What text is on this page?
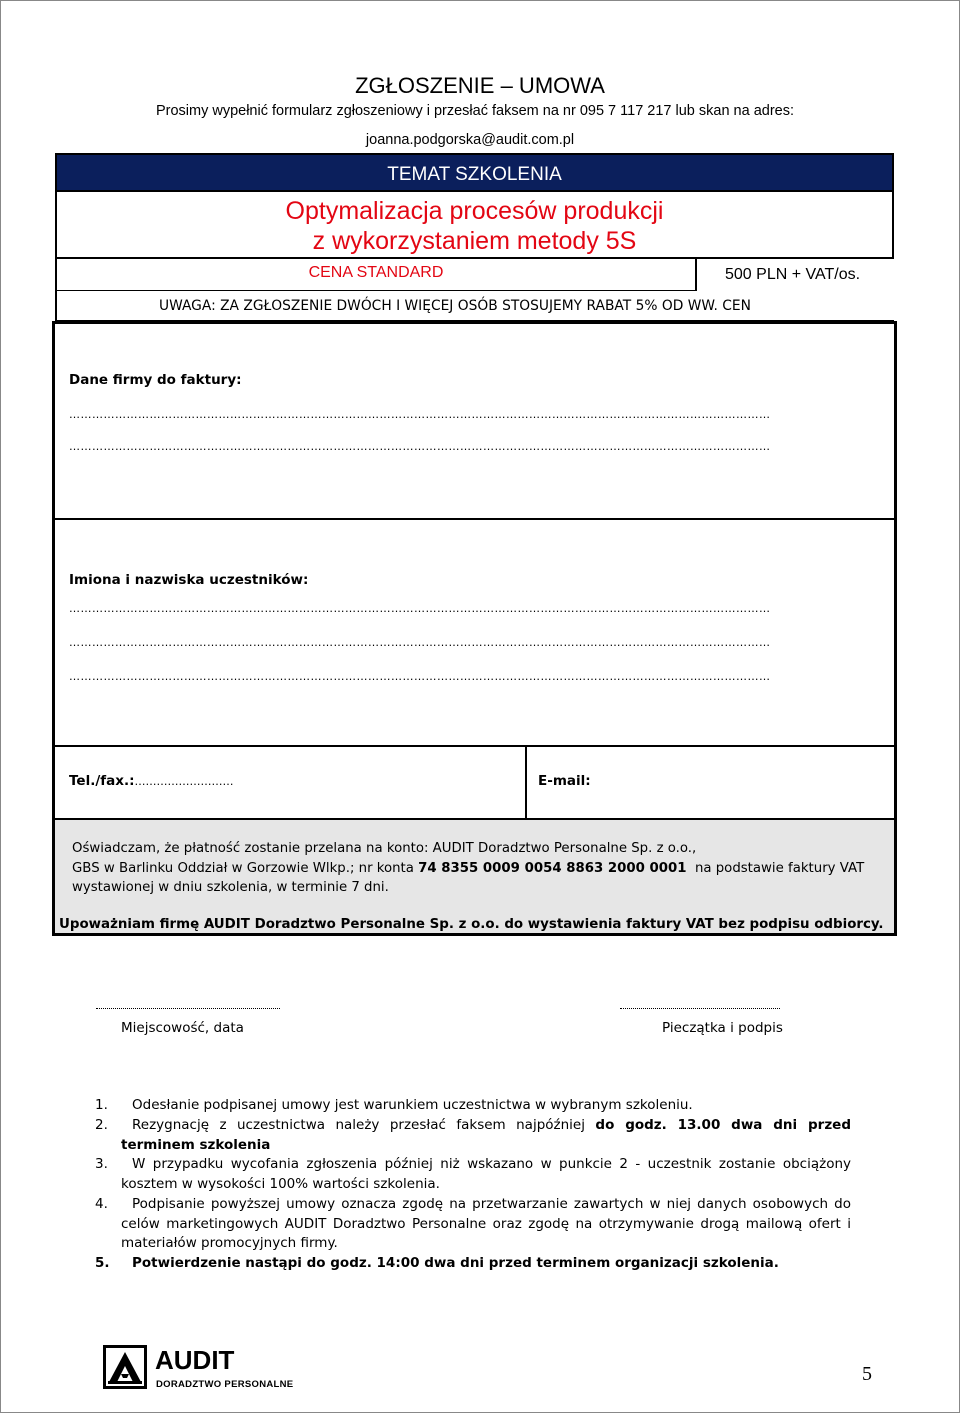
ZGŁOSZENIE – UMOWA
Prosimy wypełnić formularz zgłoszeniowy i przesłać faksem na nr 095 7 117 217 lub skan na adres:
joanna.podgorska@audit.com.pl
TEMAT SZKOLENIA
Optymalizacja procesów produkcji
z wykorzystaniem metody 5S
CENA STANDARD	500 PLN + VAT/os.
UWAGA: ZA ZGŁOSZENIE DWÓCH I WIĘCEJ OSÓB STOSUJEMY RABAT 5% OD WW. CEN
Dane firmy do faktury:
…………………………………………………………………………………………………………………………………………………………………
…………………………………………………………………………………………………………………………………………………………………
Imiona i nazwiska uczestników:
…………………………………………………………………………………………………………………………………………………………………
…………………………………………………………………………………………………………………………………………………………………
…………………………………………………………………………………………………………………………………………………………………
Tel./fax.:………………………	E-mail:
Oświadczam, że płatność zostanie przelana na konto: AUDIT Doradztwo Personalne Sp. z o.o.,
GBS w Barlinku Oddział w Gorzowie Wlkp.; nr konta 74 8355 0009 0054 8863 2000 0001  na podstawie faktury VAT
wystawionej w dniu szkolenia, w terminie 7 dni.
Upoważniam firmę AUDIT Doradztwo Personalne Sp. z o.o. do wystawienia faktury VAT bez podpisu odbiorcy.
Miejscowość, data	Pieczątka i podpis
1. Odesłanie podpisanej umowy jest warunkiem uczestnictwa w wybranym szkoleniu.
2.	Rezygnację z uczestnictwa należy przesłać faksem najpóźniej do godz. 13.00 dwa dni przed terminem szkolenia
3.	W przypadku wycofania zgłoszenia później niż wskazano w punkcie 2 - uczestnik zostanie obciążony kosztem w wysokości 100% wartości szkolenia.
4.	Podpisanie powyższej umowy oznacza zgodę na przetwarzanie zawartych w niej danych osobowych do celów marketingowych AUDIT Doradztwo Personalne oraz zgodę na otrzymywanie drogą mailową ofert i materiałów promocyjnych firmy.
5. Potwierdzenie nastąpi do godz. 14:00 dwa dni przed terminem organizacji szkolenia.
AUDIT
DORADZTWO PERSONALNE	5
